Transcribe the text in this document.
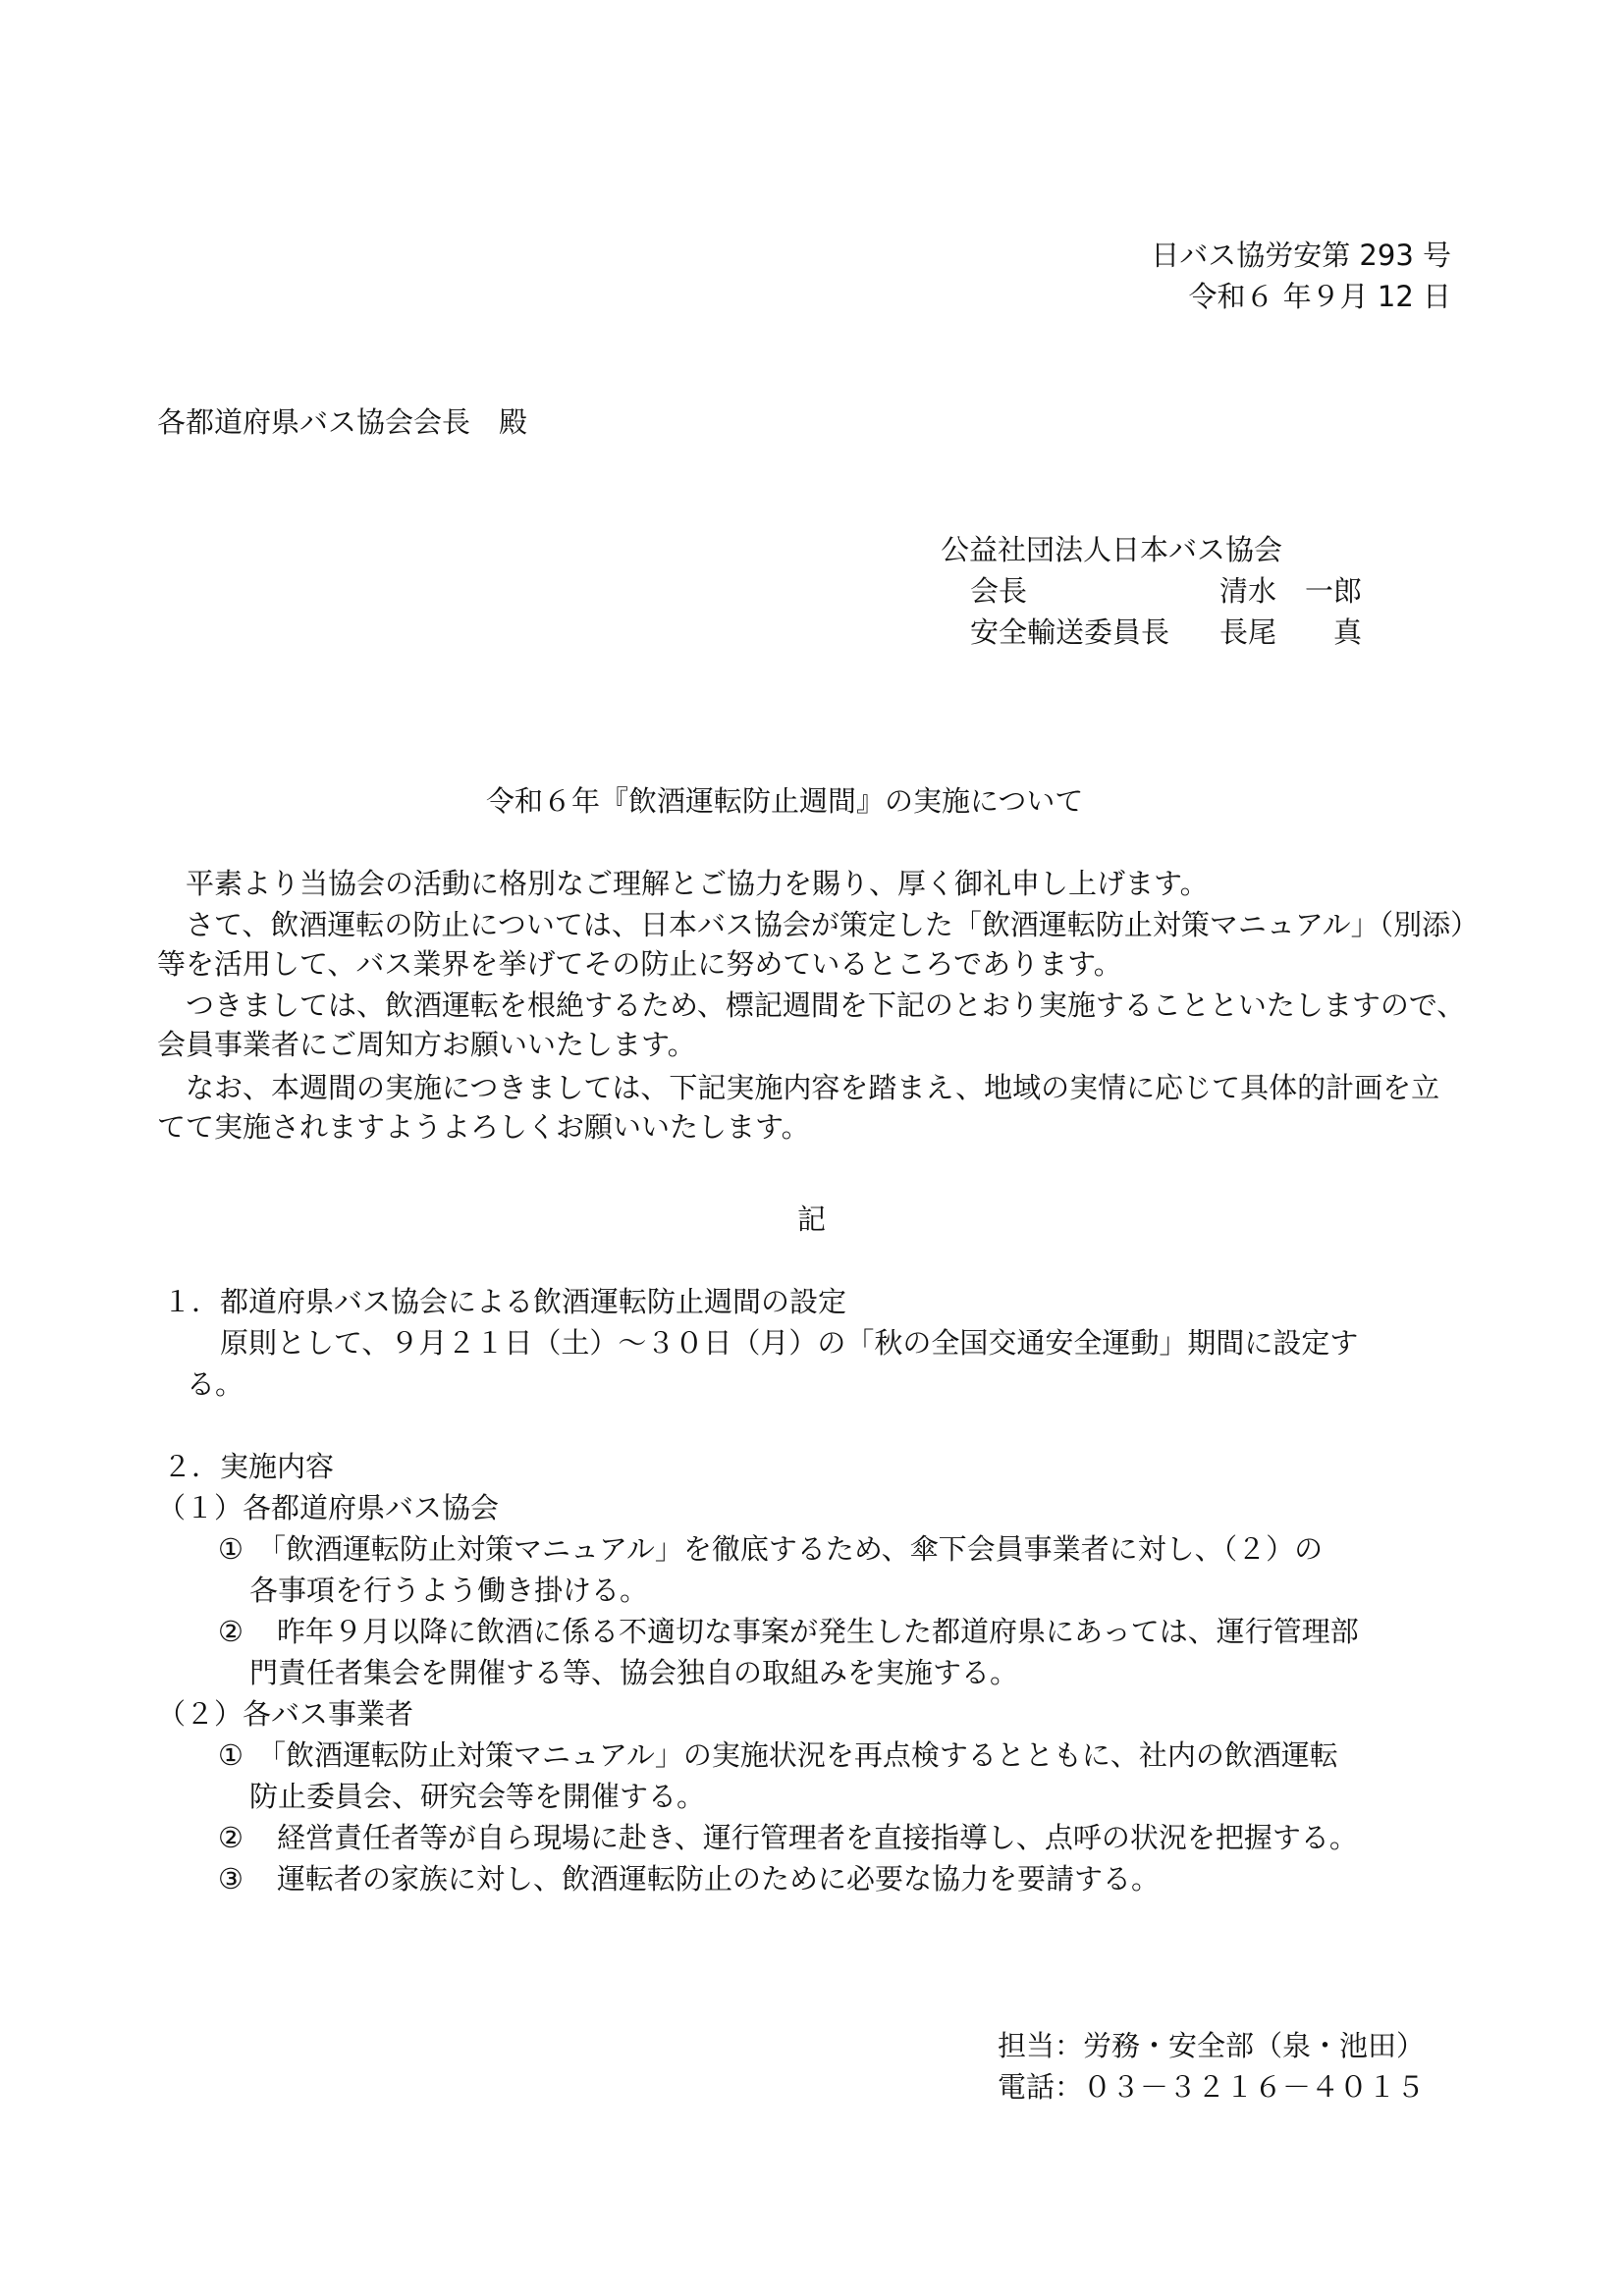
日バス協労安第 293 号
令和６ 年９月 12 日
各都道府県バス協会会長　殿
公益社団法人日本バス協会
会長	清水　一郎
安全輸送委員長 長尾　　真
令和６年『飲酒運転防止週間』の実施について
平素より当協会の活動に格別なご理解とご協力を賜り、厚く御礼申し上げます。
さて、飲酒運転の防止については、日本バス協会が策定した「飲酒運転防止対策マニュアル」（別添）等を活用して、バス業界を挙げてその防止に努めているところであります。
つきましては、飲酒運転を根絶するため、標記週間を下記のとおり実施することといたしますので、会員事業者にご周知方お願いいたします。
なお、本週間の実施につきましては、下記実施内容を踏まえ、地域の実情に応じて具体的計画を立てて実施されますようよろしくお願いいたします。
記
１．都道府県バス協会による飲酒運転防止週間の設定
原則として、９月２１日（土）～３０日（月）の「秋の全国交通安全運動」期間に設定す
る。
２．実施内容
（１）各都道府県バス協会
① 「飲酒運転防止対策マニュアル」を徹底するため、傘下会員事業者に対し、（２）の
各事項を行うよう働き掛ける。
② 昨年９月以降に飲酒に係る不適切な事案が発生した都道府県にあっては、運行管理部
門責任者集会を開催する等、協会独自の取組みを実施する。
（２）各バス事業者
① 「飲酒運転防止対策マニュアル」の実施状況を再点検するとともに、社内の飲酒運転
防止委員会、研究会等を開催する。
② 経営責任者等が自ら現場に赴き、運行管理者を直接指導し、点呼の状況を把握する。
③ 運転者の家族に対し、飲酒運転防止のために必要な協力を要請する。
担当：労務・安全部（泉・池田）
電話：０３－３２１６－４０１５
